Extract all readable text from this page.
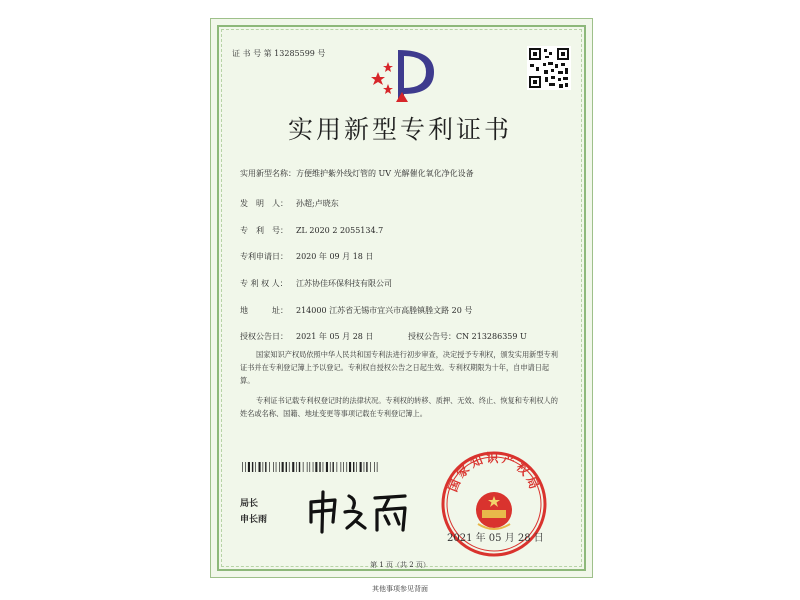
证 书 号 第 13285599 号
实用新型专利证书
实用新型名称：方便维护紫外线灯管的 UV 光解催化氧化净化设备
发　明　人： 孙超;卢晓东
专　利　号： ZL 2020 2 2055134.7
专利申请日： 2020 年 09 月 18 日
专 利 权 人： 江苏协佳环保科技有限公司
地　　　址： 214000 江苏省无锡市宜兴市高塍镇塍文路 20 号
授权公告日： 2021 年 05 月 28 日	授权公告号：CN 213286359 U
国家知识产权局依照中华人民共和国专利法进行初步审查，决定授予专利权，颁发实用新型专利证书并在专利登记簿上予以登记。专利权自授权公告之日起生效。专利权期限为十年，自申请日起算。
专利证书记载专利权登记时的法律状况。专利权的转移、质押、无效、终止、恢复和专利权人的姓名或名称、国籍、地址变更等事项记载在专利登记簿上。
局长
申长雨
国家知识产权局
2021 年 05 月 28 日
第 1 页（共 2 页）
其他事项参见背面
